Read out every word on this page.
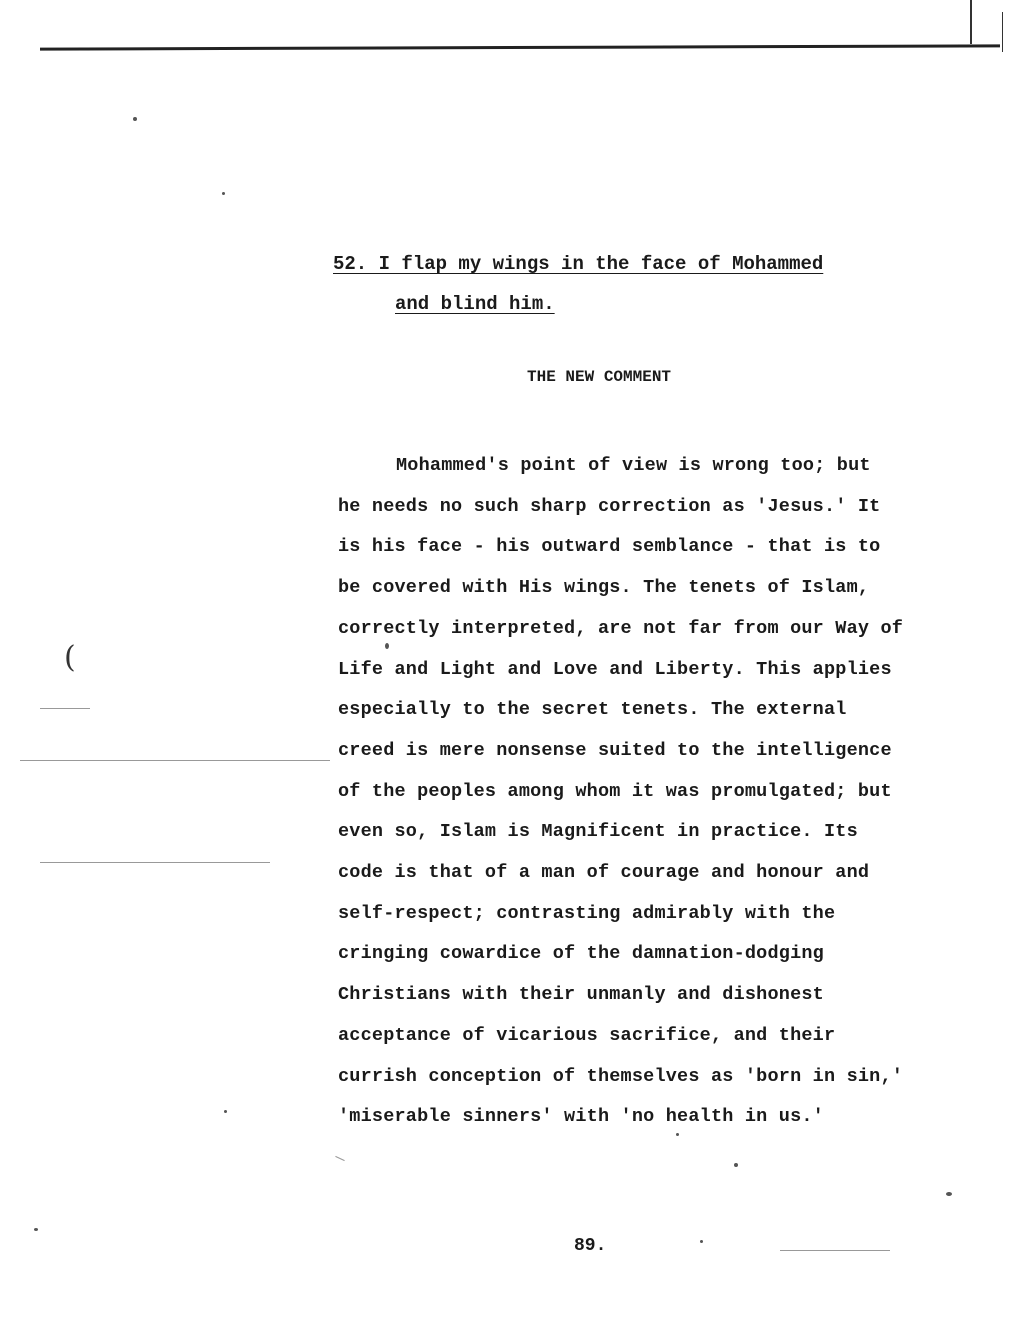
52. I flap my wings in the face of Mohammed
and blind him.
THE NEW COMMENT
Mohammed's point of view is wrong too; but
he needs no such sharp correction as 'Jesus.' It
is his face - his outward semblance - that is to
be covered with His wings. The tenets of Islam,
correctly interpreted, are not far from our Way of
Life and Light and Love and Liberty. This applies
especially to the secret tenets. The external
creed is mere nonsense suited to the intelligence
of the peoples among whom it was promulgated; but
even so, Islam is Magnificent in practice. Its
code is that of a man of courage and honour and
self-respect; contrasting admirably with the
cringing cowardice of the damnation-dodging
Christians with their unmanly and dishonest
acceptance of vicarious sacrifice, and their
currish conception of themselves as 'born in sin,'
'miserable sinners' with 'no health in us.'
89.
(
